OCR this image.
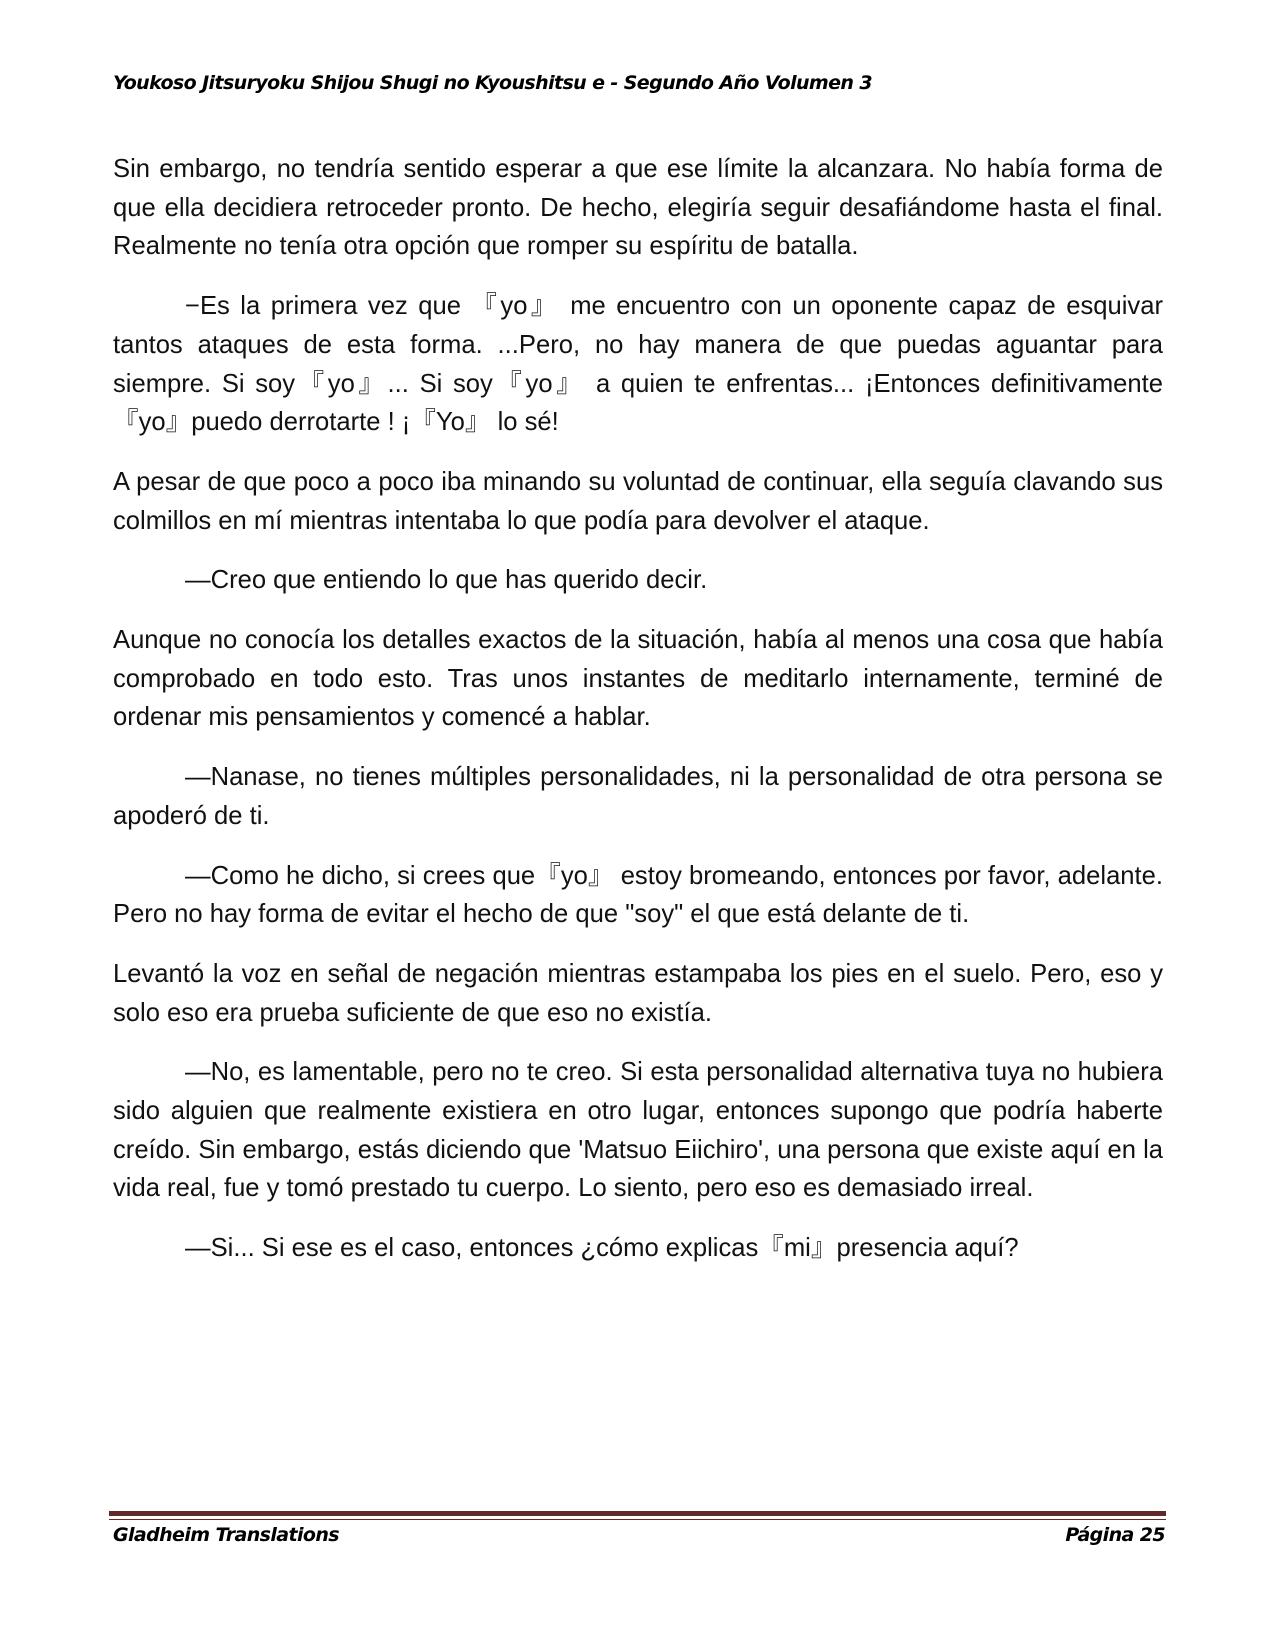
Youkoso Jitsuryoku Shijou Shugi no Kyoushitsu e - Segundo Año Volumen 3

Sin embargo, no tendría sentido esperar a que ese límite la alcanzara. No había forma de que ella decidiera retroceder pronto. De hecho, elegiría seguir desafiándome hasta el final. Realmente no tenía otra opción que romper su espíritu de batalla.

−Es la primera vez que 『yo』 me encuentro con un oponente capaz de esquivar tantos ataques de esta forma. ...Pero, no hay manera de que puedas aguantar para siempre. Si soy『yo』... Si soy『yo』 a quien te enfrentas... ¡Entonces definitivamente『yo』puedo derrotarte ! ¡『Yo』 lo sé!

A pesar de que poco a poco iba minando su voluntad de continuar, ella seguía clavando sus colmillos en mí mientras intentaba lo que podía para devolver el ataque.

—Creo que entiendo lo que has querido decir.

Aunque no conocía los detalles exactos de la situación, había al menos una cosa que había comprobado en todo esto. Tras unos instantes de meditarlo internamente, terminé de ordenar mis pensamientos y comencé a hablar.

—Nanase, no tienes múltiples personalidades, ni la personalidad de otra persona se apoderó de ti.

—Como he dicho, si crees que『yo』 estoy bromeando, entonces por favor, adelante. Pero no hay forma de evitar el hecho de que "soy" el que está delante de ti.

Levantó la voz en señal de negación mientras estampaba los pies en el suelo. Pero, eso y solo eso era prueba suficiente de que eso no existía.

—No, es lamentable, pero no te creo. Si esta personalidad alternativa tuya no hubiera sido alguien que realmente existiera en otro lugar, entonces supongo que podría haberte creído. Sin embargo, estás diciendo que 'Matsuo Eiichiro', una persona que existe aquí en la vida real, fue y tomó prestado tu cuerpo. Lo siento, pero eso es demasiado irreal.

—Si... Si ese es el caso, entonces ¿cómo explicas『mi』presencia aquí?

Gladheim Translations	Página 25
